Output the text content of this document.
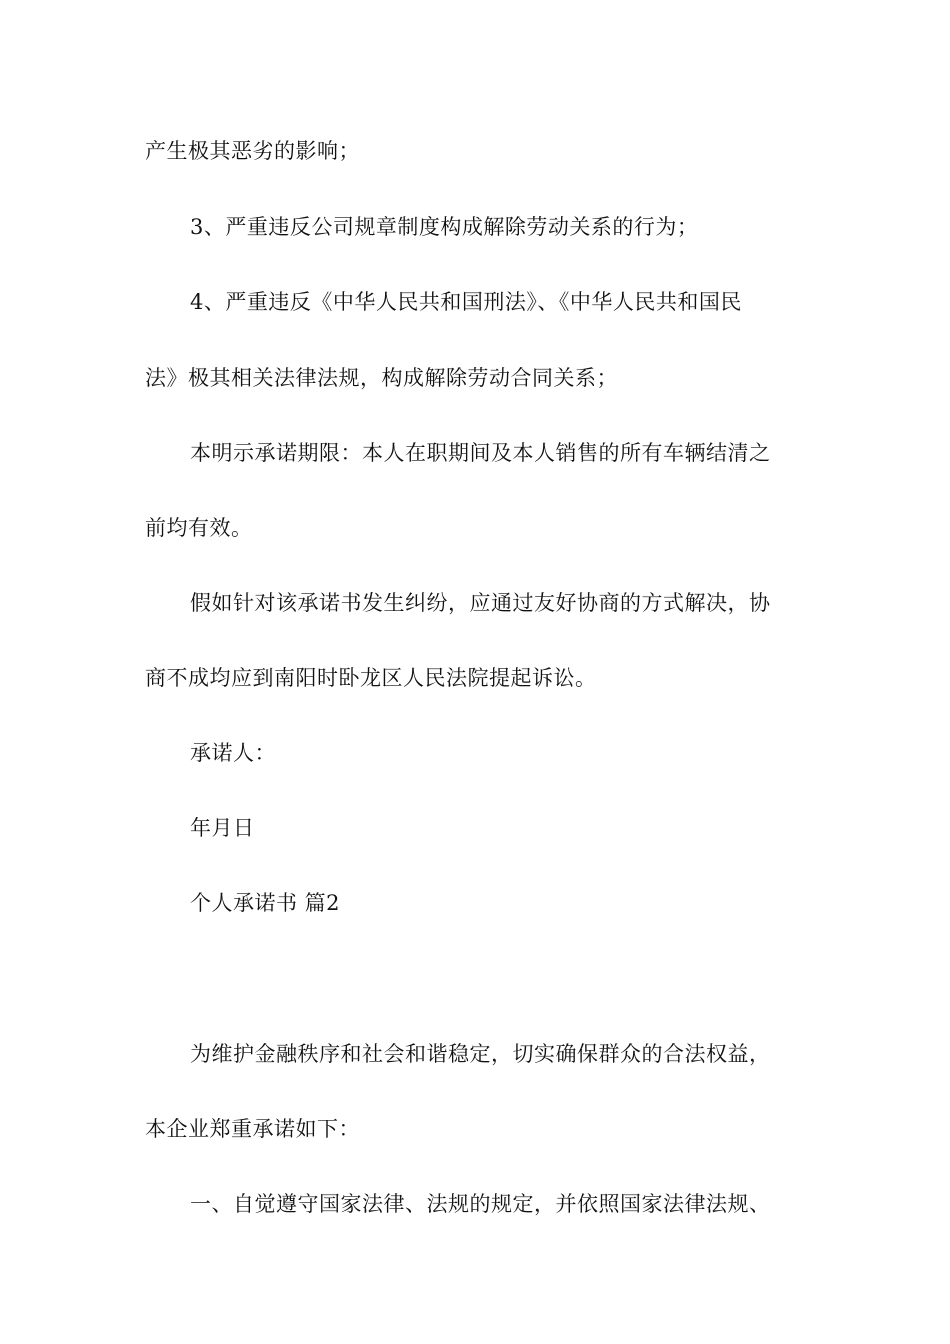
产生极其恶劣的影响；
3、严重违反公司规章制度构成解除劳动关系的行为；
4、严重违反《中华人民共和国刑法》、《中华人民共和国民
法》极其相关法律法规，构成解除劳动合同关系；
本明示承诺期限：本人在职期间及本人销售的所有车辆结清之
前均有效。
假如针对该承诺书发生纠纷，应通过友好协商的方式解决，协
商不成均应到南阳时卧龙区人民法院提起诉讼。
承诺人：
年月日
个人承诺书 篇2
为维护金融秩序和社会和谐稳定，切实确保群众的合法权益，
本企业郑重承诺如下：
一、自觉遵守国家法律、法规的规定，并依照国家法律法规、
